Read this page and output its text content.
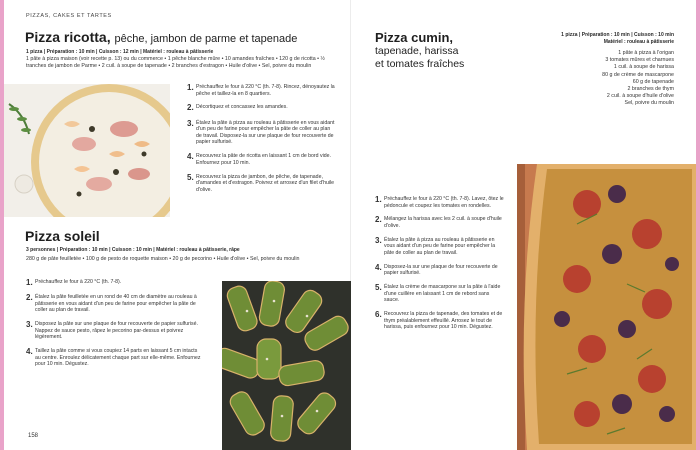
PIZZAS, CAKES ET TARTES
Pizza ricotta, pêche, jambon de parme et tapenade
1 pizza | Préparation : 10 min | Cuisson : 12 min | Matériel : rouleau à pâtisserie
1 pâte à pizza maison (voir recette p. 13) ou du commerce • 1 pêche blanche mûre • 10 amandes fraîches • 120 g de ricotta • ½ tranches de jambon de Parme • 2 cuil. à soupe de tapenade • 2 branches d'estragon • Huile d'olive • Sel, poivre du moulin
1. Préchauffez le four à 220 °C (th. 7-8). Rincez, dénoyautez la pêche et taillez-la en 8 quartiers.
2. Décortiquez et concassez les amandes.
3. Étalez la pâte à pizza au rouleau à pâtisserie en vous aidant d'un peu de farine pour empêcher la pâte de coller au plan de travail. Disposez-la sur une plaque de four recouverte de papier sulfurisé.
4. Recouvrez la pâte de ricotta en laissant 1 cm de bord vide. Enfournez pour 10 min.
5. Recouvrez la pizza de jambon, de pêche, de tapenade, d'amandes et d'estragon. Poivrez et arrosez d'un filet d'huile d'olive.
Pizza soleil
3 personnes | Préparation : 10 min | Cuisson : 10 min | Matériel : rouleau à pâtisserie, râpe
280 g de pâte feuilletée • 100 g de pesto de roquette maison • 20 g de pecorino • Huile d'olive • Sel, poivre du moulin
1. Préchauffez le four à 220 °C (th. 7-8).
2. Étalez la pâte feuilletée en un rond de 40 cm de diamètre au rouleau à pâtisserie en vous aidant d'un peu de farine pour empêcher la pâte de coller au plan de travail.
3. Disposez la pâte sur une plaque de four recouverte de papier sulfurisé. Nappez de sauce pesto, râpez le pecorino par-dessus et poivrez légèrement.
4. Taillez la pâte comme si vous coupiez 14 parts en laissant 5 cm intacts au centre. Enroulez délicatement chaque part sur elle-même. Enfournez pour 10 min. Dégustez.
158
Pizza cumin,
tapenade, harissa
et tomates fraîches
1 pizza | Préparation : 10 min | Cuisson : 10 min
Matériel : rouleau à pâtisserie
1 pâte à pizza à l'origan
3 tomates mûres et charnues
1 cuil. à soupe de harissa
80 g de crème de mascarpone
60 g de tapenade
2 branches de thym
2 cuil. à soupe d'huile d'olive
Sel, poivre du moulin
1. Préchauffez le four à 220 °C (th. 7-8). Lavez, ôtez le pédoncule et coupez les tomates en rondelles.
2. Mélangez la harissa avec les 2 cuil. à soupe d'huile d'olive.
3. Étalez la pâte à pizza au rouleau à pâtisserie en vous aidant d'un peu de farine pour empêcher la pâte de coller au plan de travail.
4. Disposez-la sur une plaque de four recouverte de papier sulfurisé.
5. Étalez la crème de mascarpone sur la pâte à l'aide d'une cuillère en laissant 1 cm de rebord sans sauce.
6. Recouvrez la pizza de tapenade, des tomates et de thym préalablement effeuillé. Arrosez le tout de harissa, puis enfournez pour 10 min. Dégustez.
